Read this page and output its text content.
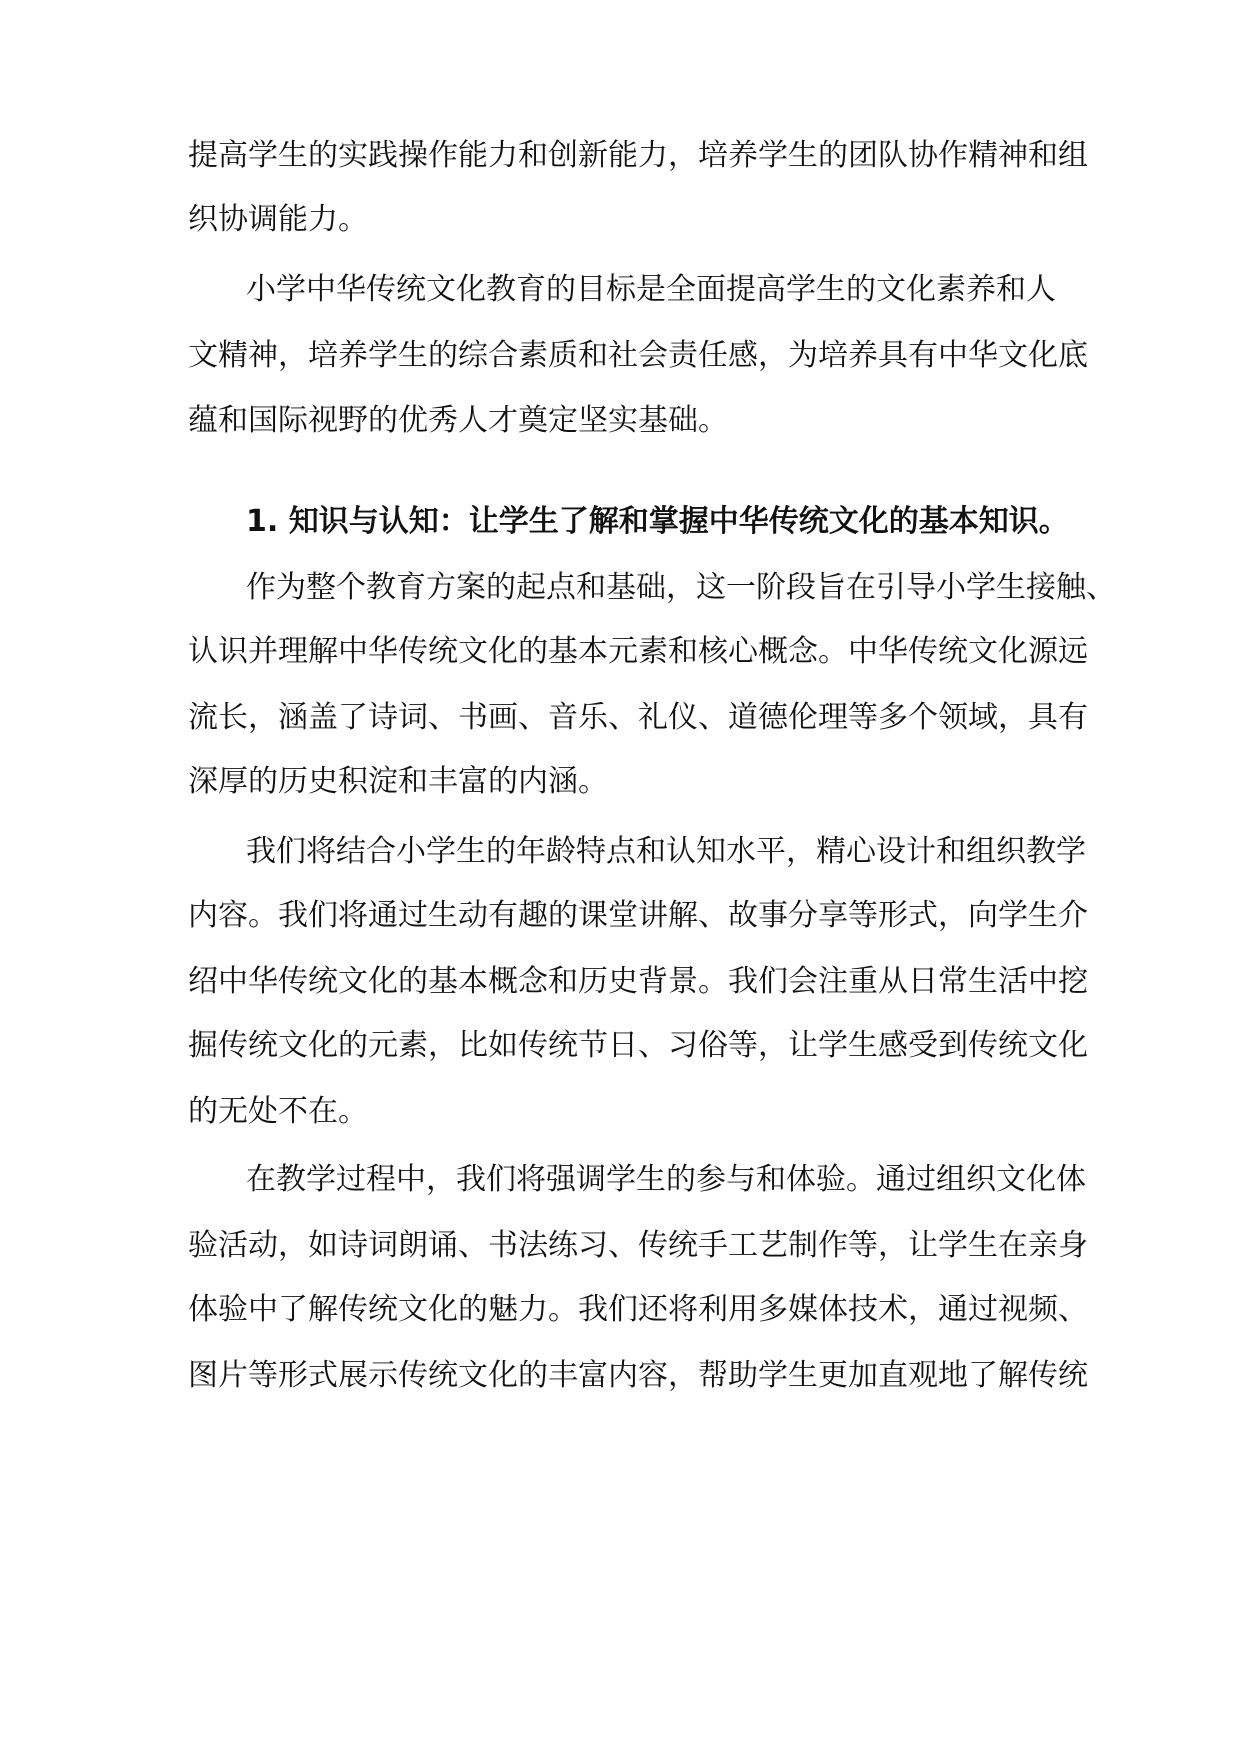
提高学生的实践操作能力和创新能力，培养学生的团队协作精神和组
织协调能力。
小学中华传统文化教育的目标是全面提高学生的文化素养和人
文精神，培养学生的综合素质和社会责任感，为培养具有中华文化底
蕴和国际视野的优秀人才奠定坚实基础。
1. 知识与认知：让学生了解和掌握中华传统文化的基本知识。
作为整个教育方案的起点和基础，这一阶段旨在引导小学生接触、
认识并理解中华传统文化的基本元素和核心概念。中华传统文化源远
流长，涵盖了诗词、书画、音乐、礼仪、道德伦理等多个领域，具有
深厚的历史积淀和丰富的内涵。
我们将结合小学生的年龄特点和认知水平，精心设计和组织教学
内容。我们将通过生动有趣的课堂讲解、故事分享等形式，向学生介
绍中华传统文化的基本概念和历史背景。我们会注重从日常生活中挖
掘传统文化的元素，比如传统节日、习俗等，让学生感受到传统文化
的无处不在。
在教学过程中，我们将强调学生的参与和体验。通过组织文化体
验活动，如诗词朗诵、书法练习、传统手工艺制作等，让学生在亲身
体验中了解传统文化的魅力。我们还将利用多媒体技术，通过视频、
图片等形式展示传统文化的丰富内容，帮助学生更加直观地了解传统
